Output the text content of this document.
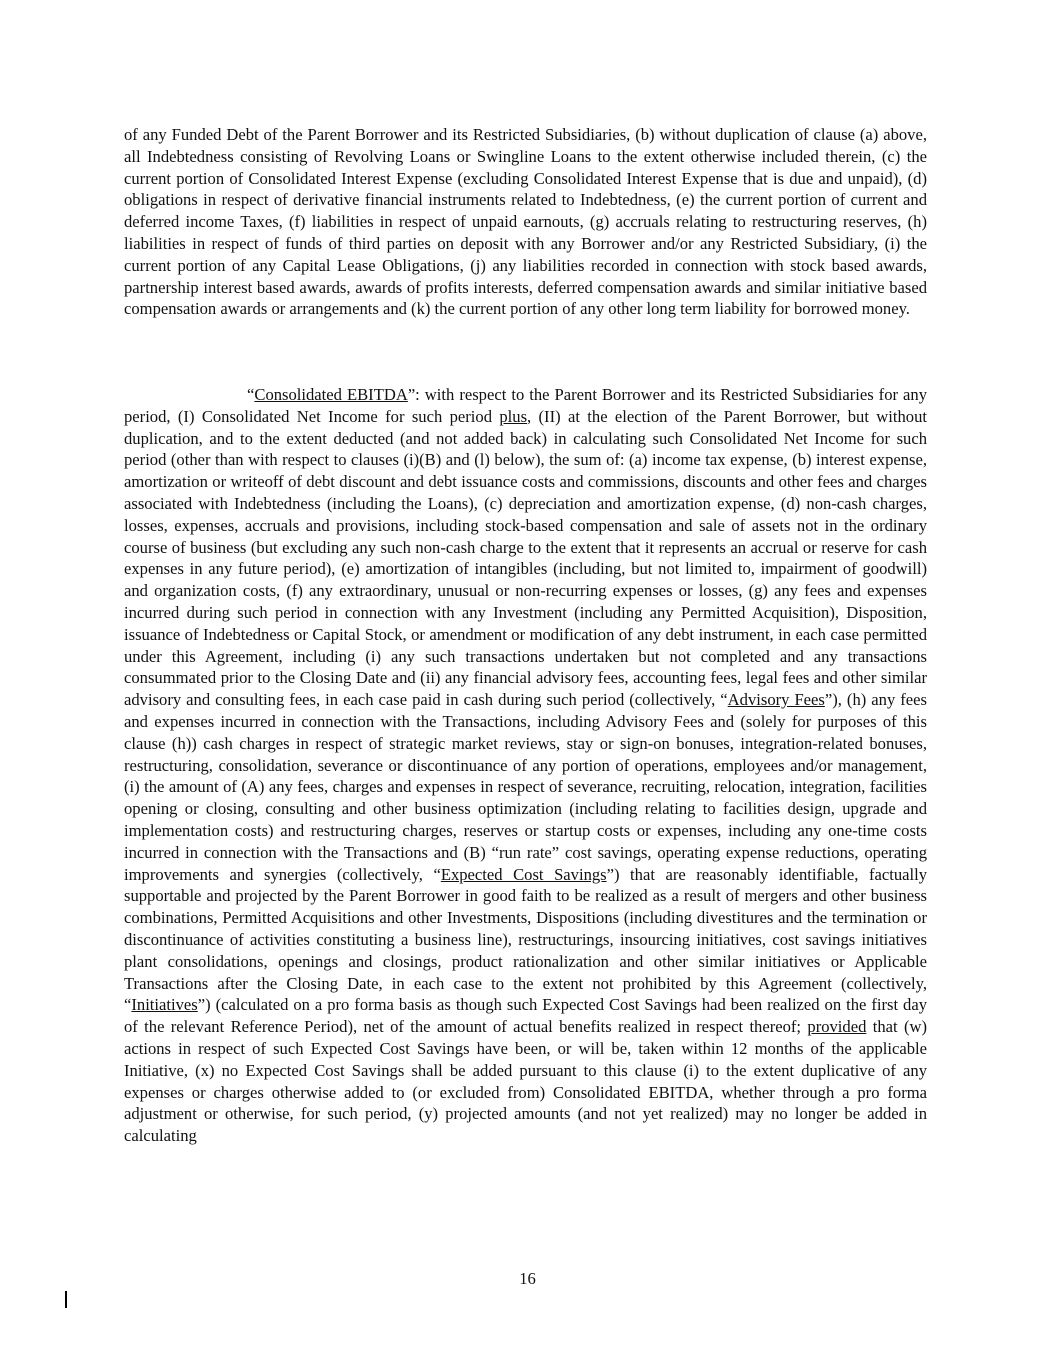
of any Funded Debt of the Parent Borrower and its Restricted Subsidiaries, (b) without duplication of clause (a) above, all Indebtedness consisting of Revolving Loans or Swingline Loans to the extent otherwise included therein, (c) the current portion of Consolidated Interest Expense (excluding Consolidated Interest Expense that is due and unpaid), (d) obligations in respect of derivative financial instruments related to Indebtedness, (e) the current portion of current and deferred income Taxes, (f) liabilities in respect of unpaid earnouts, (g) accruals relating to restructuring reserves, (h) liabilities in respect of funds of third parties on deposit with any Borrower and/or any Restricted Subsidiary, (i) the current portion of any Capital Lease Obligations, (j) any liabilities recorded in connection with stock based awards, partnership interest based awards, awards of profits interests, deferred compensation awards and similar initiative based compensation awards or arrangements and (k) the current portion of any other long term liability for borrowed money.

“Consolidated EBITDA”: with respect to the Parent Borrower and its Restricted Subsidiaries for any period, (I) Consolidated Net Income for such period plus, (II) at the election of the Parent Borrower, but without duplication, and to the extent deducted (and not added back) in calculating such Consolidated Net Income for such period (other than with respect to clauses (i)(B) and (l) below), the sum of: (a) income tax expense, (b) interest expense, amortization or writeoff of debt discount and debt issuance costs and commissions, discounts and other fees and charges associated with Indebtedness (including the Loans), (c) depreciation and amortization expense, (d) non-cash charges, losses, expenses, accruals and provisions, including stock-based compensation and sale of assets not in the ordinary course of business (but excluding any such non-cash charge to the extent that it represents an accrual or reserve for cash expenses in any future period), (e) amortization of intangibles (including, but not limited to, impairment of goodwill) and organization costs, (f) any extraordinary, unusual or non-recurring expenses or losses, (g) any fees and expenses incurred during such period in connection with any Investment (including any Permitted Acquisition), Disposition, issuance of Indebtedness or Capital Stock, or amendment or modification of any debt instrument, in each case permitted under this Agreement, including (i) any such transactions undertaken but not completed and any transactions consummated prior to the Closing Date and (ii) any financial advisory fees, accounting fees, legal fees and other similar advisory and consulting fees, in each case paid in cash during such period (collectively, “Advisory Fees”), (h) any fees and expenses incurred in connection with the Transactions, including Advisory Fees and (solely for purposes of this clause (h)) cash charges in respect of strategic market reviews, stay or sign-on bonuses, integration-related bonuses, restructuring, consolidation, severance or discontinuance of any portion of operations, employees and/or management, (i) the amount of (A) any fees, charges and expenses in respect of severance, recruiting, relocation, integration, facilities opening or closing, consulting and other business optimization (including relating to facilities design, upgrade and implementation costs) and restructuring charges, reserves or startup costs or expenses, including any one-time costs incurred in connection with the Transactions and (B) “run rate” cost savings, operating expense reductions, operating improvements and synergies (collectively, “Expected Cost Savings”) that are reasonably identifiable, factually supportable and projected by the Parent Borrower in good faith to be realized as a result of mergers and other business combinations, Permitted Acquisitions and other Investments, Dispositions (including divestitures and the termination or discontinuance of activities constituting a business line), restructurings, insourcing initiatives, cost savings initiatives plant consolidations, openings and closings, product rationalization and other similar initiatives or Applicable Transactions after the Closing Date, in each case to the extent not prohibited by this Agreement (collectively, “Initiatives”) (calculated on a pro forma basis as though such Expected Cost Savings had been realized on the first day of the relevant Reference Period), net of the amount of actual benefits realized in respect thereof; provided that (w) actions in respect of such Expected Cost Savings have been, or will be, taken within 12 months of the applicable Initiative, (x) no Expected Cost Savings shall be added pursuant to this clause (i) to the extent duplicative of any expenses or charges otherwise added to (or excluded from) Consolidated EBITDA, whether through a pro forma adjustment or otherwise, for such period, (y) projected amounts (and not yet realized) may no longer be added in calculating

16
